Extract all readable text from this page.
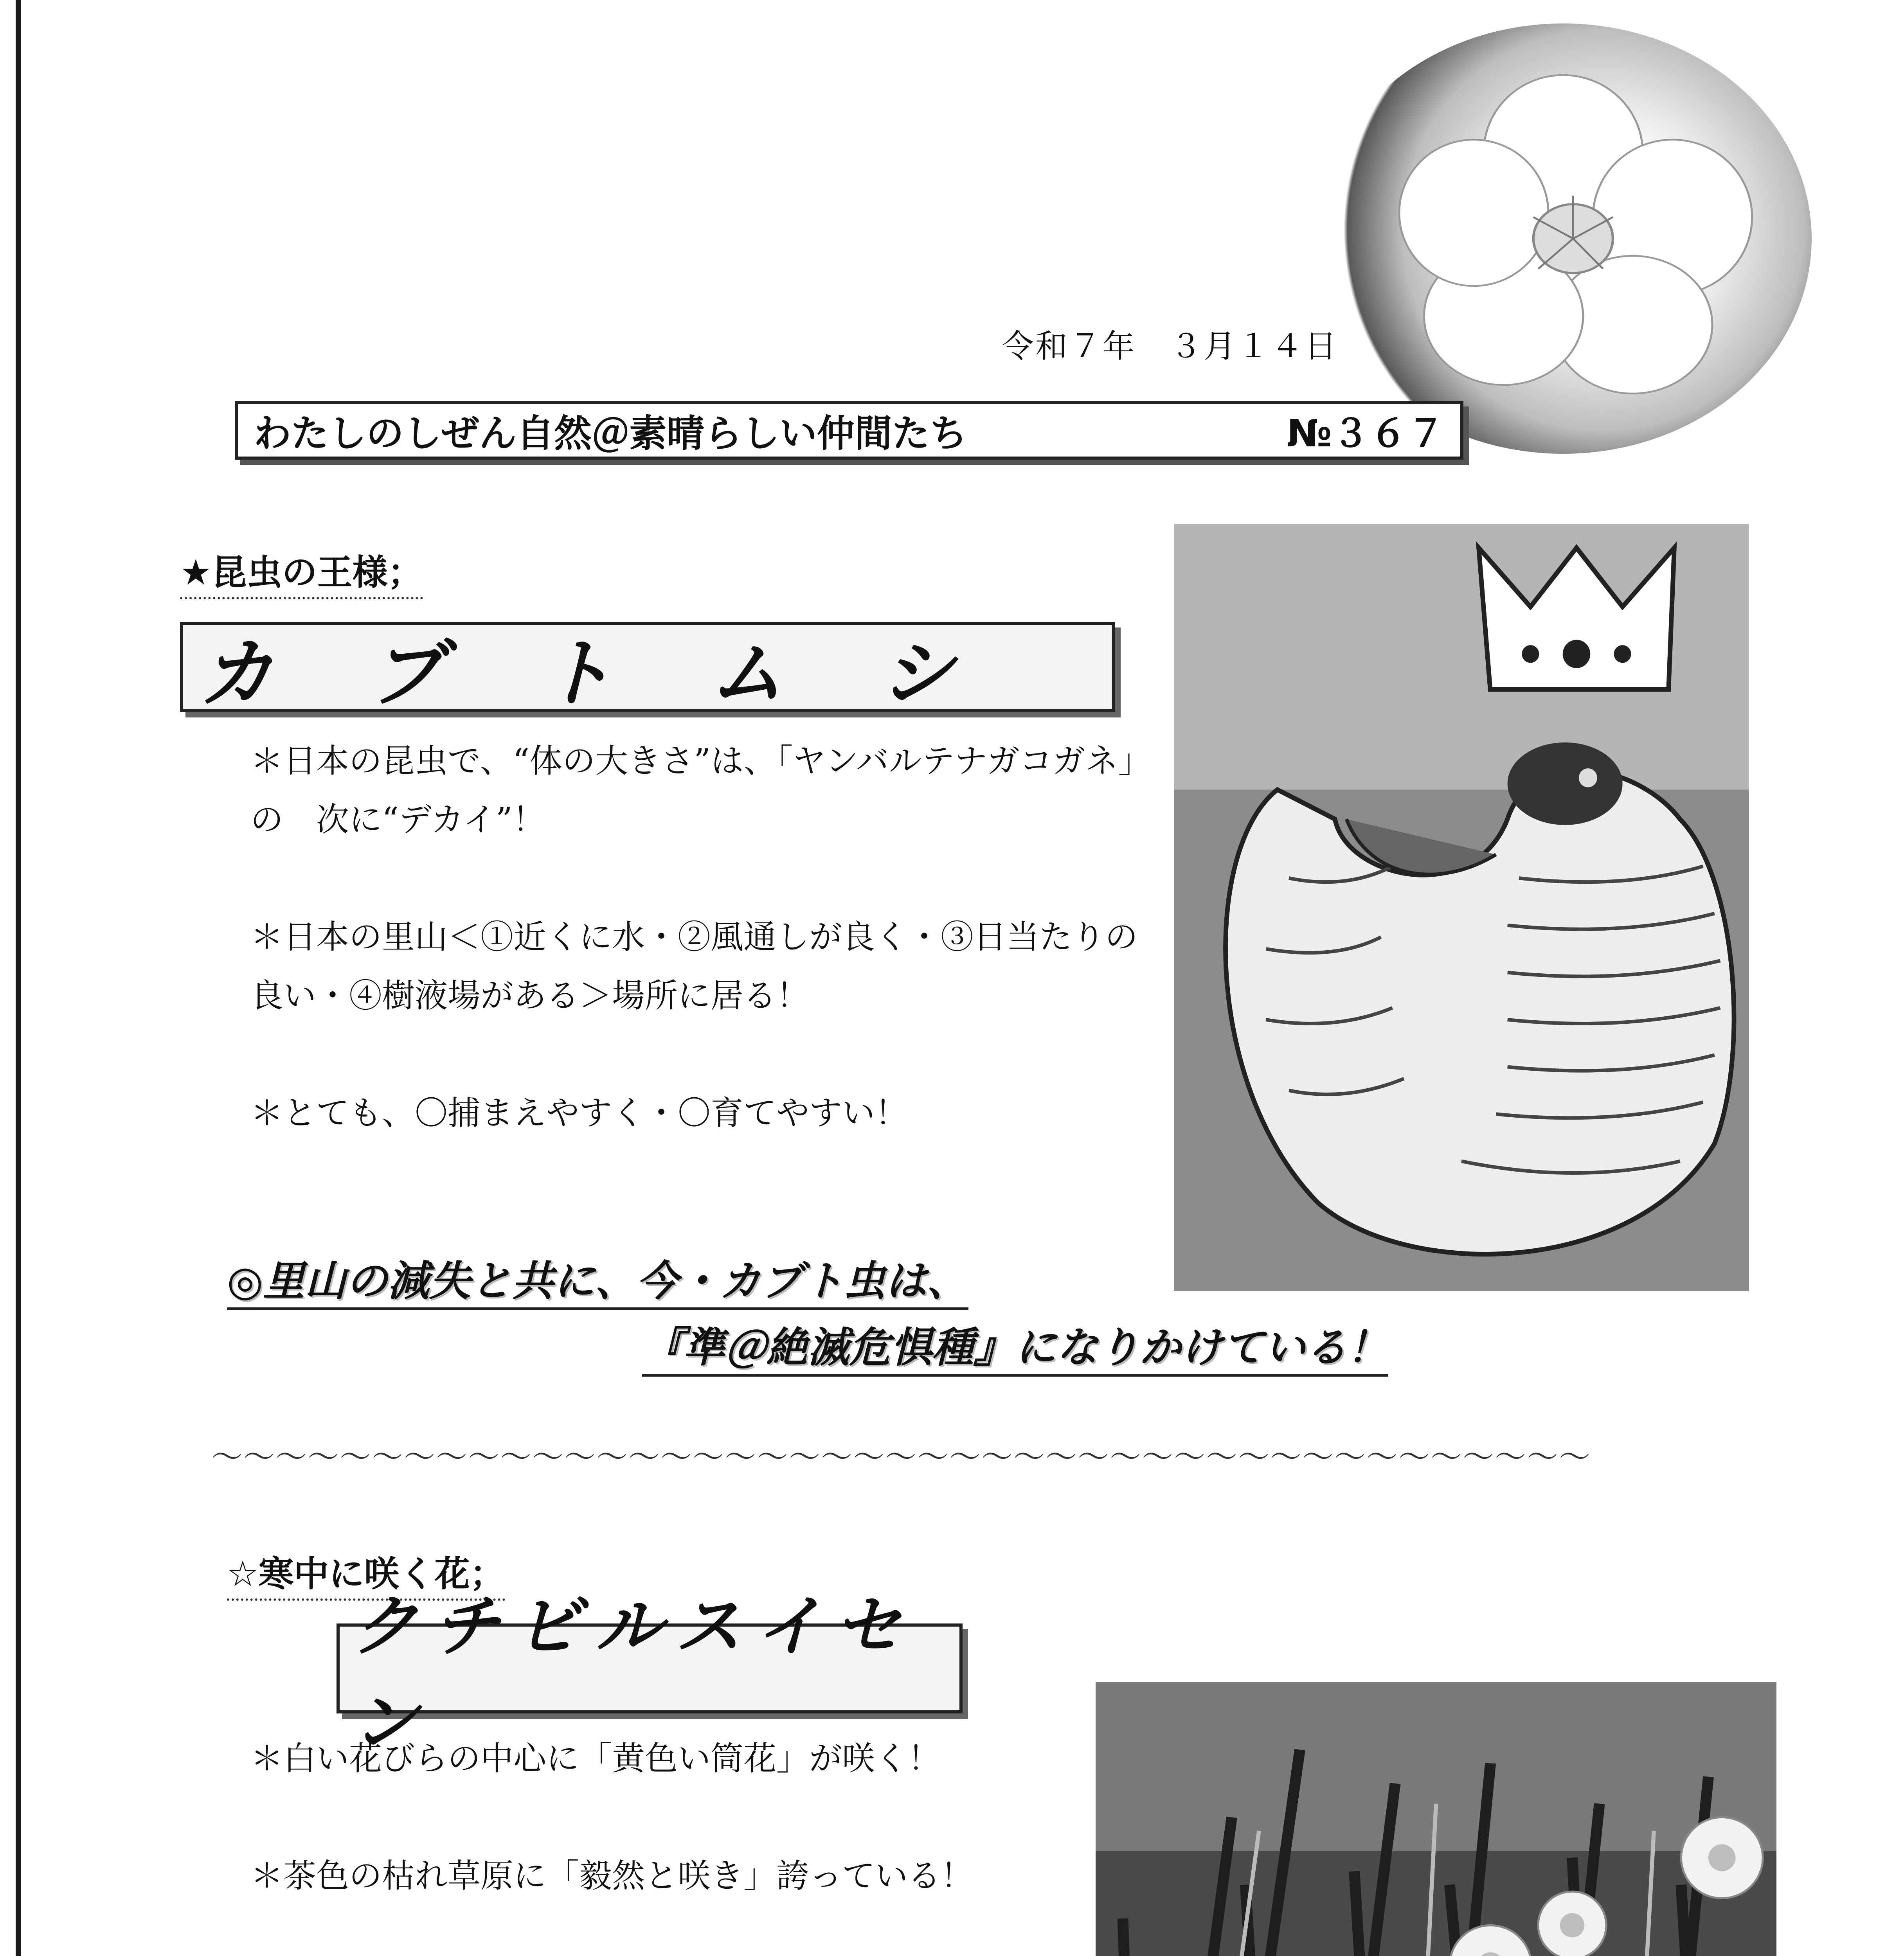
令和７年　３月１４日
わたしのしぜん自然＠素晴らしい仲間たち	№３６７
★昆虫の王様；
カブトムシ
＊日本の昆虫で、“体の大きさ”は、「ヤンバルテナガコガネ」の　次に“デカイ”！
＊日本の里山＜①近くに水・②風通しが良く・③日当たりの良い・④樹液場がある＞場所に居る！
＊とても、〇捕まえやすく・〇育てやすい！
◎里山の減失と共に、今・カブト虫は、
『準＠絶滅危惧種』になりかけている！
〜〜〜〜〜〜〜〜〜〜〜〜〜〜〜〜〜〜〜〜〜〜〜〜〜〜〜〜〜〜〜〜〜〜〜〜〜〜〜〜〜〜〜
☆寒中に咲く花；
クチビルスイセン
＊白い花びらの中心に「黄色い筒花」が咲く！
＊茶色の枯れ草原に「毅然と咲き」誇っている！
